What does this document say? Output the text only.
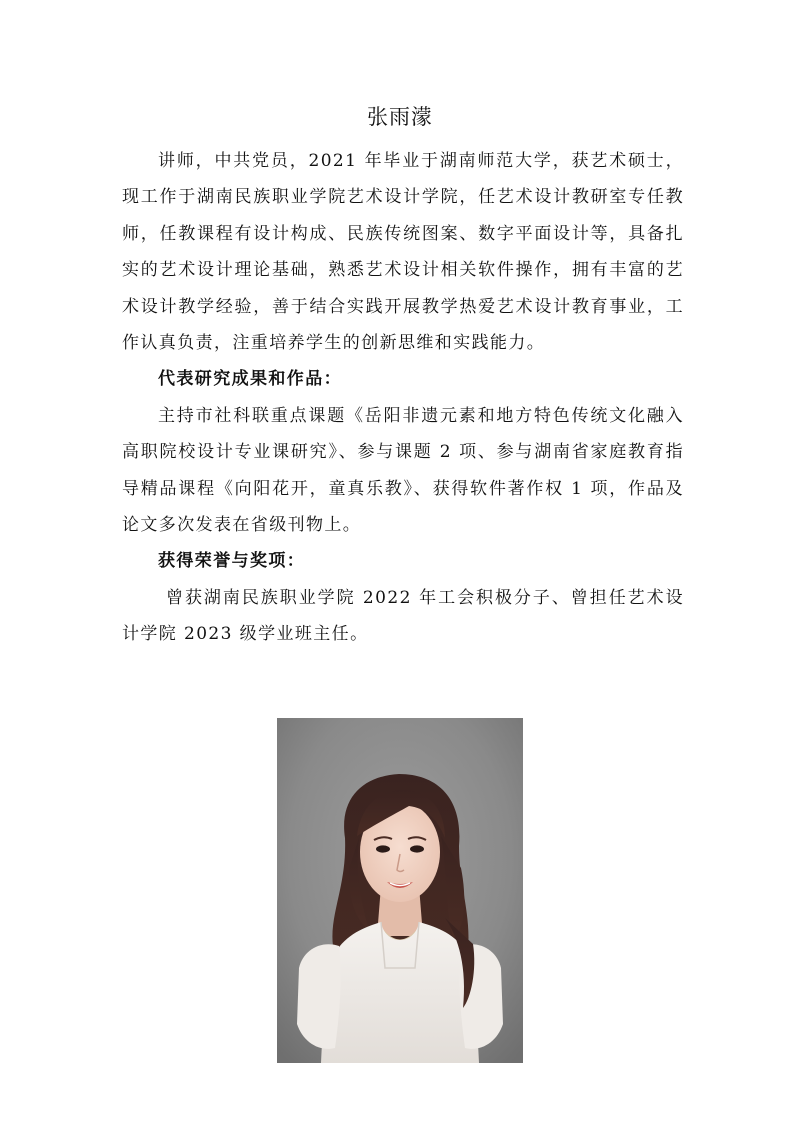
张雨濛

讲师，中共党员，2021 年毕业于湖南师范大学，获艺术硕士，现工作于湖南民族职业学院艺术设计学院，任艺术设计教研室专任教师，任教课程有设计构成、民族传统图案、数字平面设计等，具备扎实的艺术设计理论基础，熟悉艺术设计相关软件操作，拥有丰富的艺术设计教学经验，善于结合实践开展教学热爱艺术设计教育事业，工作认真负责，注重培养学生的创新思维和实践能力。

代表研究成果和作品：

主持市社科联重点课题《岳阳非遗元素和地方特色传统文化融入高职院校设计专业课研究》、参与课题 2 项、参与湖南省家庭教育指导精品课程《向阳花开，童真乐教》、获得软件著作权 1 项，作品及论文多次发表在省级刊物上。

获得荣誉与奖项：

曾获湖南民族职业学院 2022 年工会积极分子、曾担任艺术设计学院 2023 级学业班主任。
